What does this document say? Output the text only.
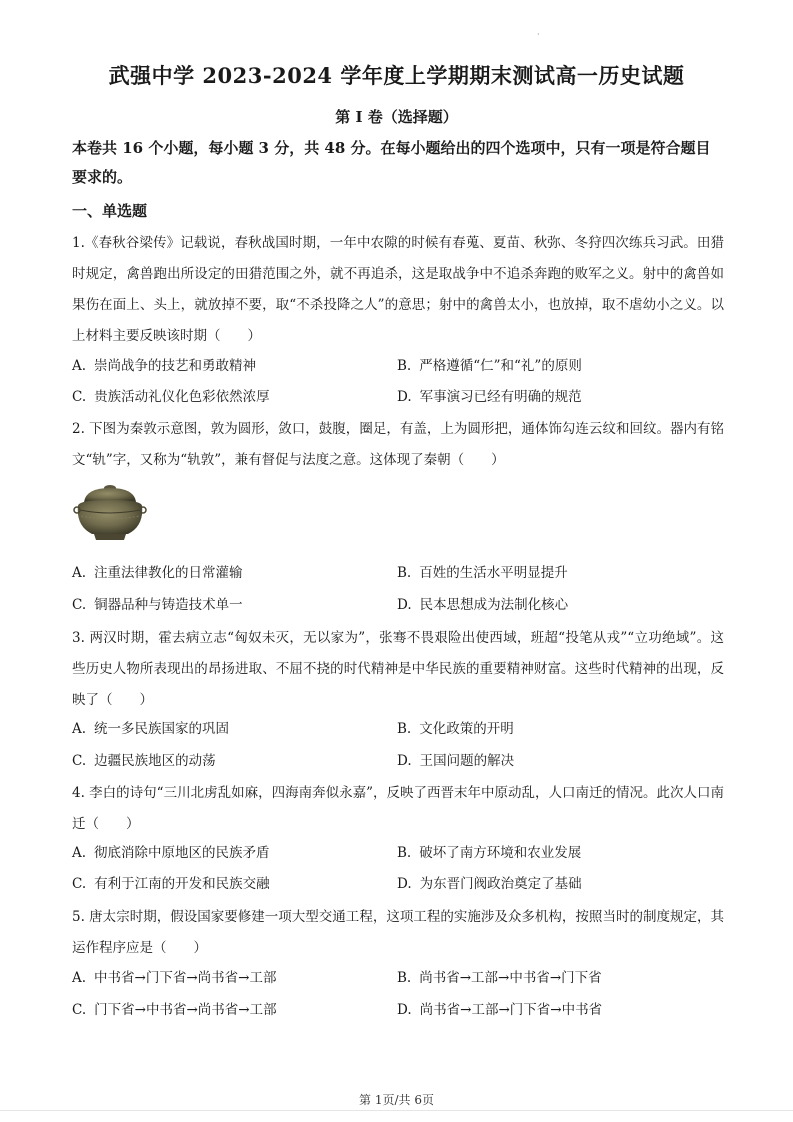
·
武强中学 2023-2024 学年度上学期期末测试高一历史试题
第 I 卷（选择题）
本卷共 16 个小题，每小题 3 分，共 48 分。在每小题给出的四个选项中，只有一项是符合题目要求的。
一、单选题
1.《春秋谷梁传》记载说，春秋战国时期，一年中农隙的时候有春蒐、夏苗、秋弥、冬狩四次练兵习武。田猎时规定，禽兽跑出所设定的田猎范围之外，就不再追杀，这是取战争中不追杀奔跑的败军之义。射中的禽兽如果伤在面上、头上，就放掉不要，取“不杀投降之人”的意思；射中的禽兽太小，也放掉，取不虐幼小之义。以上材料主要反映该时期（　　）
A. 崇尚战争的技艺和勇敢精神	B. 严格遵循“仁”和“礼”的原则
C. 贵族活动礼仪化色彩依然浓厚	D. 军事演习已经有明确的规范
2. 下图为秦敦示意图，敦为圆形，敛口，鼓腹，圈足，有盖，上为圆形把，通体饰勾连云纹和回纹。器内有铭文“轨”字，又称为“轨敦”，兼有督促与法度之意。这体现了秦朝（　　）
A. 注重法律教化的日常灌输	B. 百姓的生活水平明显提升
C. 铜器品种与铸造技术单一	D. 民本思想成为法制化核心
3. 两汉时期，霍去病立志“匈奴未灭，无以家为”，张骞不畏艰险出使西域，班超“投笔从戎”“立功绝域”。这些历史人物所表现出的昂扬进取、不屈不挠的时代精神是中华民族的重要精神财富。这些时代精神的出现，反映了（　　）
A. 统一多民族国家的巩固	B. 文化政策的开明
C. 边疆民族地区的动荡	D. 王国问题的解决
4. 李白的诗句“三川北虏乱如麻，四海南奔似永嘉”，反映了西晋末年中原动乱，人口南迁的情况。此次人口南迁（　　）
A. 彻底消除中原地区的民族矛盾	B. 破坏了南方环境和农业发展
C. 有利于江南的开发和民族交融	D. 为东晋门阀政治奠定了基础
5. 唐太宗时期，假设国家要修建一项大型交通工程，这项工程的实施涉及众多机构，按照当时的制度规定，其运作程序应是（　　）
A. 中书省→门下省→尚书省→工部	B. 尚书省→工部→中书省→门下省
C. 门下省→中书省→尚书省→工部	D. 尚书省→工部→门下省→中书省
第 1页/共 6页
